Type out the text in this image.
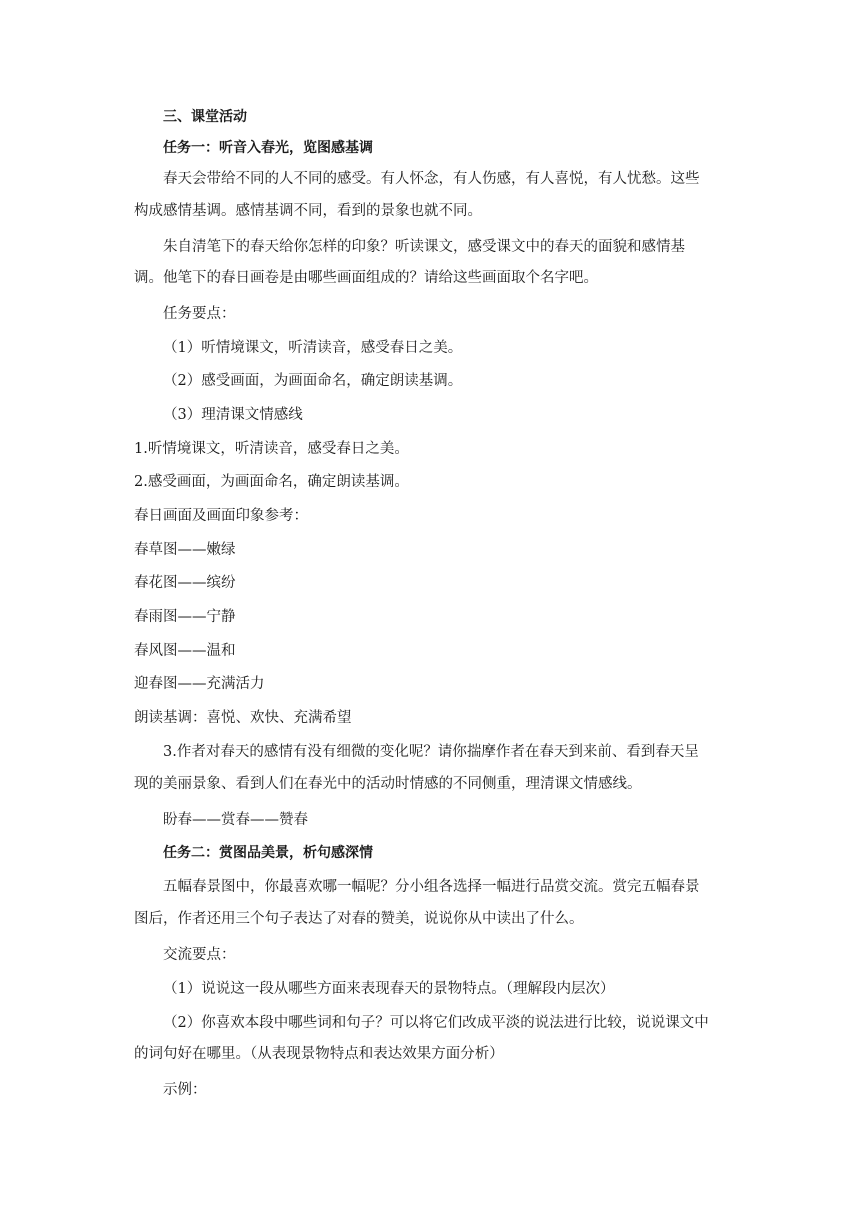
三、课堂活动
任务一：听音入春光，览图感基调
春天会带给不同的人不同的感受。有人怀念，有人伤感，有人喜悦，有人忧愁。这些
构成感情基调。感情基调不同，看到的景象也就不同。
朱自清笔下的春天给你怎样的印象？听读课文，感受课文中的春天的面貌和感情基
调。他笔下的春日画卷是由哪些画面组成的？请给这些画面取个名字吧。
任务要点：
（1）听情境课文，听清读音，感受春日之美。
（2）感受画面，为画面命名，确定朗读基调。
（3）理清课文情感线
1.听情境课文，听清读音，感受春日之美。
2.感受画面，为画面命名，确定朗读基调。
春日画面及画面印象参考：
春草图——嫩绿
春花图——缤纷
春雨图——宁静
春风图——温和
迎春图——充满活力
朗读基调：喜悦、欢快、充满希望
3.作者对春天的感情有没有细微的变化呢？请你揣摩作者在春天到来前、看到春天呈
现的美丽景象、看到人们在春光中的活动时情感的不同侧重，理清课文情感线。
盼春——赏春——赞春
任务二：赏图品美景，析句感深情
五幅春景图中，你最喜欢哪一幅呢？分小组各选择一幅进行品赏交流。赏完五幅春景
图后，作者还用三个句子表达了对春的赞美，说说你从中读出了什么。
交流要点：
（1）说说这一段从哪些方面来表现春天的景物特点。（理解段内层次）
（2）你喜欢本段中哪些词和句子？可以将它们改成平淡的说法进行比较，说说课文中
的词句好在哪里。（从表现景物特点和表达效果方面分析）
示例：
